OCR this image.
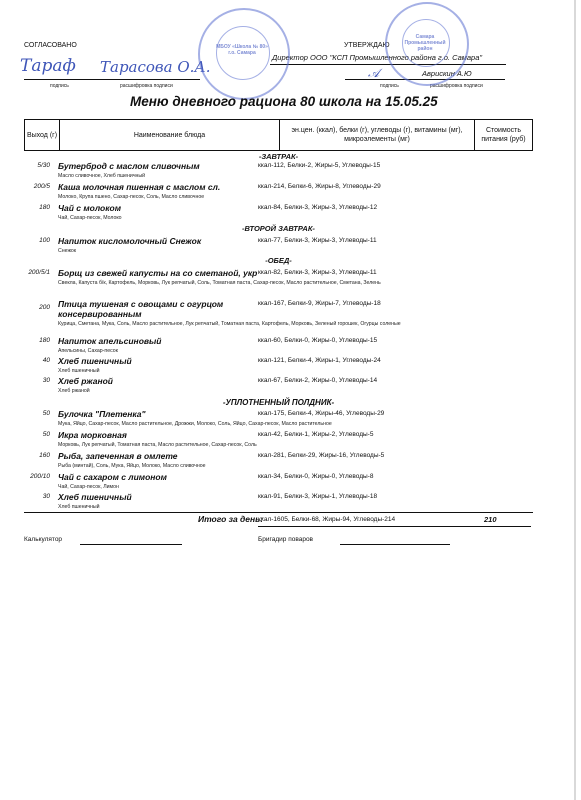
СОГЛАСОВАНО
Тараф Тарасова О.А.
подпись	расшифровка подписи
УТВЕРЖДАЮ
Директор ООО "КСП Промышленного района г.о. Самара"
𝒜	Аврискин А.Ю
подпись	расшифровка подписи
МБОУ «Школа № 80» г.о. Самара
Самара Промышленный район
Меню дневного рациона 80 школа на 15.05.25
Выход (г)	Наименование блюда
эн.цен. (ккал), белки (г), углеводы (г), витамины (мг), микроэлементы (мг)
Стоимость питания (руб)
-ЗАВТРАК-
-ВТОРОЙ ЗАВТРАК-
-ОБЕД-
-УПЛОТНЕННЫЙ ПОЛДНИК-
5/30 Бутерброд с маслом сливочным
Масло сливочное, Хлеб пшеничный
ккал-112, Белки-2, Жиры-5, Углеводы-15
200/5 Каша молочная пшенная с маслом сл.
Молоко, Крупа пшено, Сахар-песок, Соль, Масло сливочное
ккал-214, Белки-6, Жиры-8, Углеводы-29
180 Чай с молоком
Чай, Сахар-песок, Молоко
ккал-84, Белки-3, Жиры-3, Углеводы-12
100 Напиток кисломолочный Снежок
Снежок
ккал-77, Белки-3, Жиры-3, Углеводы-11
200/5/1 Борщ из свежей капусты на со сметаной, укр
Свекла, Капуста б/к, Картофель, Морковь, Лук репчатый, Соль, Томатная паста, Сахар-песок, Масло растительное, Сметана, Зелень
ккал-82, Белки-3, Жиры-3, Углеводы-11
200 Птица тушеная с овощами с огурцом консервированным
Курица, Сметана, Мука, Соль, Масло растительное, Лук репчатый, Томатная паста, Картофель, Морковь, Зеленый горошек, Огурцы соленые
ккал-167, Белки-9, Жиры-7, Углеводы-18
180 Напиток апельсиновый
Апельсины, Сахар-песок
ккал-60, Белки-0, Жиры-0, Углеводы-15
40 Хлеб пшеничный
Хлеб пшеничный
ккал-121, Белки-4, Жиры-1, Углеводы-24
30 Хлеб ржаной
Хлеб ржаной
ккал-67, Белки-2, Жиры-0, Углеводы-14
50 Булочка "Плетенка"
Мука, Яйцо, Сахар-песок, Масло растительное, Дрожжи, Молоко, Соль, Яйцо, Сахар-песок, Масло растительное
ккал-175, Белки-4, Жиры-46, Углеводы-29
50 Икра морковная
Морковь, Лук репчатый, Томатная паста, Масло растительное, Сахар-песок, Соль
ккал-42, Белки-1, Жиры-2, Углеводы-5
160 Рыба, запеченная в омлете
Рыба (минтай), Соль, Мука, Яйцо, Молоко, Масло сливочное
ккал-281, Белки-29, Жиры-16, Углеводы-5
200/10 Чай с сахаром с лимоном
Чай, Сахар-песок, Лимон
ккал-34, Белки-0, Жиры-0, Углеводы-8
30 Хлеб пшеничный
Хлеб пшеничный
ккал-91, Белки-3, Жиры-1, Углеводы-18
Итого за день:
ккал-1605, Белки-68, Жиры-94, Углеводы-214	210
Калькулятор	Бригадир поваров
